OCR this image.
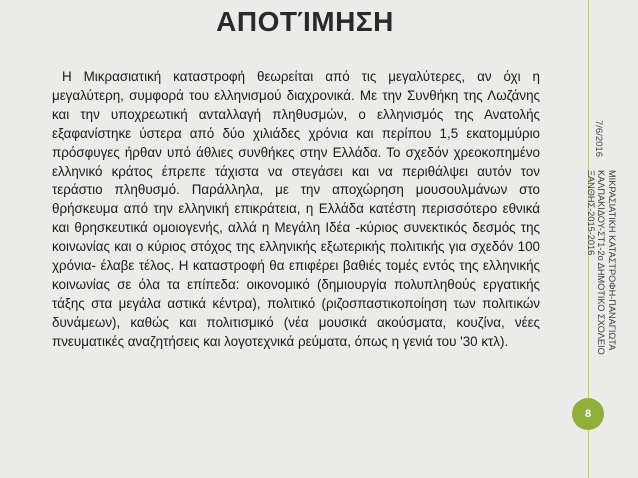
ΑΠΟΤΊΜΗΣΗ

Η Μικρασιατική καταστροφή θεωρείται από τις μεγαλύτερες, αν όχι η μεγαλύτερη, συμφορά του ελληνισμού διαχρονικά. Με την Συνθήκη της Λωζάνης και την υποχρεωτική ανταλλαγή πληθυσμών, ο ελληνισμός της Ανατολής εξαφανίστηκε ύστερα από δύο χιλιάδες χρόνια και περίπου 1,5 εκατομμύριο πρόσφυγες ήρθαν υπό άθλιες συνθήκες στην Ελλάδα. Το σχεδόν χρεοκοπημένο ελληνικό κράτος έπρεπε τάχιστα να στεγάσει και να περιθάλψει αυτόν τον τεράστιο πληθυσμό. Παράλληλα, με την αποχώρηση μουσουλμάνων στο θρήσκευμα από την ελληνική επικράτεια, η Ελλάδα κατέστη περισσότερο εθνικά και θρησκευτικά ομοιογενής, αλλά η Μεγάλη Ιδέα -κύριος συνεκτικός δεσμός της κοινωνίας και ο κύριος στόχος της ελληνικής εξωτερικής πολιτικής για σχεδόν 100 χρόνια- έλαβε τέλος. Η καταστροφή θα επιφέρει βαθιές τομές εντός της ελληνικής κοινωνίας σε όλα τα επίπεδα: οικονομικό (δημιουργία πολυπληθούς εργατικής τάξης στα μεγάλα αστικά κέντρα), πολιτικό (ριζοσπαστικοποίηση των πολιτικών δυνάμεων), καθώς και πολιτισμικό (νέα μουσικά ακούσματα, κουζίνα, νέες πνευματικές αναζητήσεις και λογοτεχνικά ρεύματα, όπως η γενιά του '30 κτλ).

7/6/2016
ΜΙΚΡΑΣΙΑΤΙΚΗ ΚΑΤΑΣΤΡΟΦΗ-ΠΑΝΑΓΙΩΤΑ
ΚΑΛΠΑΚΙΔΟΥ-ΣΤ1-2ο ΔΗΜΟΤΙΚΟ ΣΧΟΛΕΙΟ
ΞΑΝΘΗΣ-2015-2016
8
